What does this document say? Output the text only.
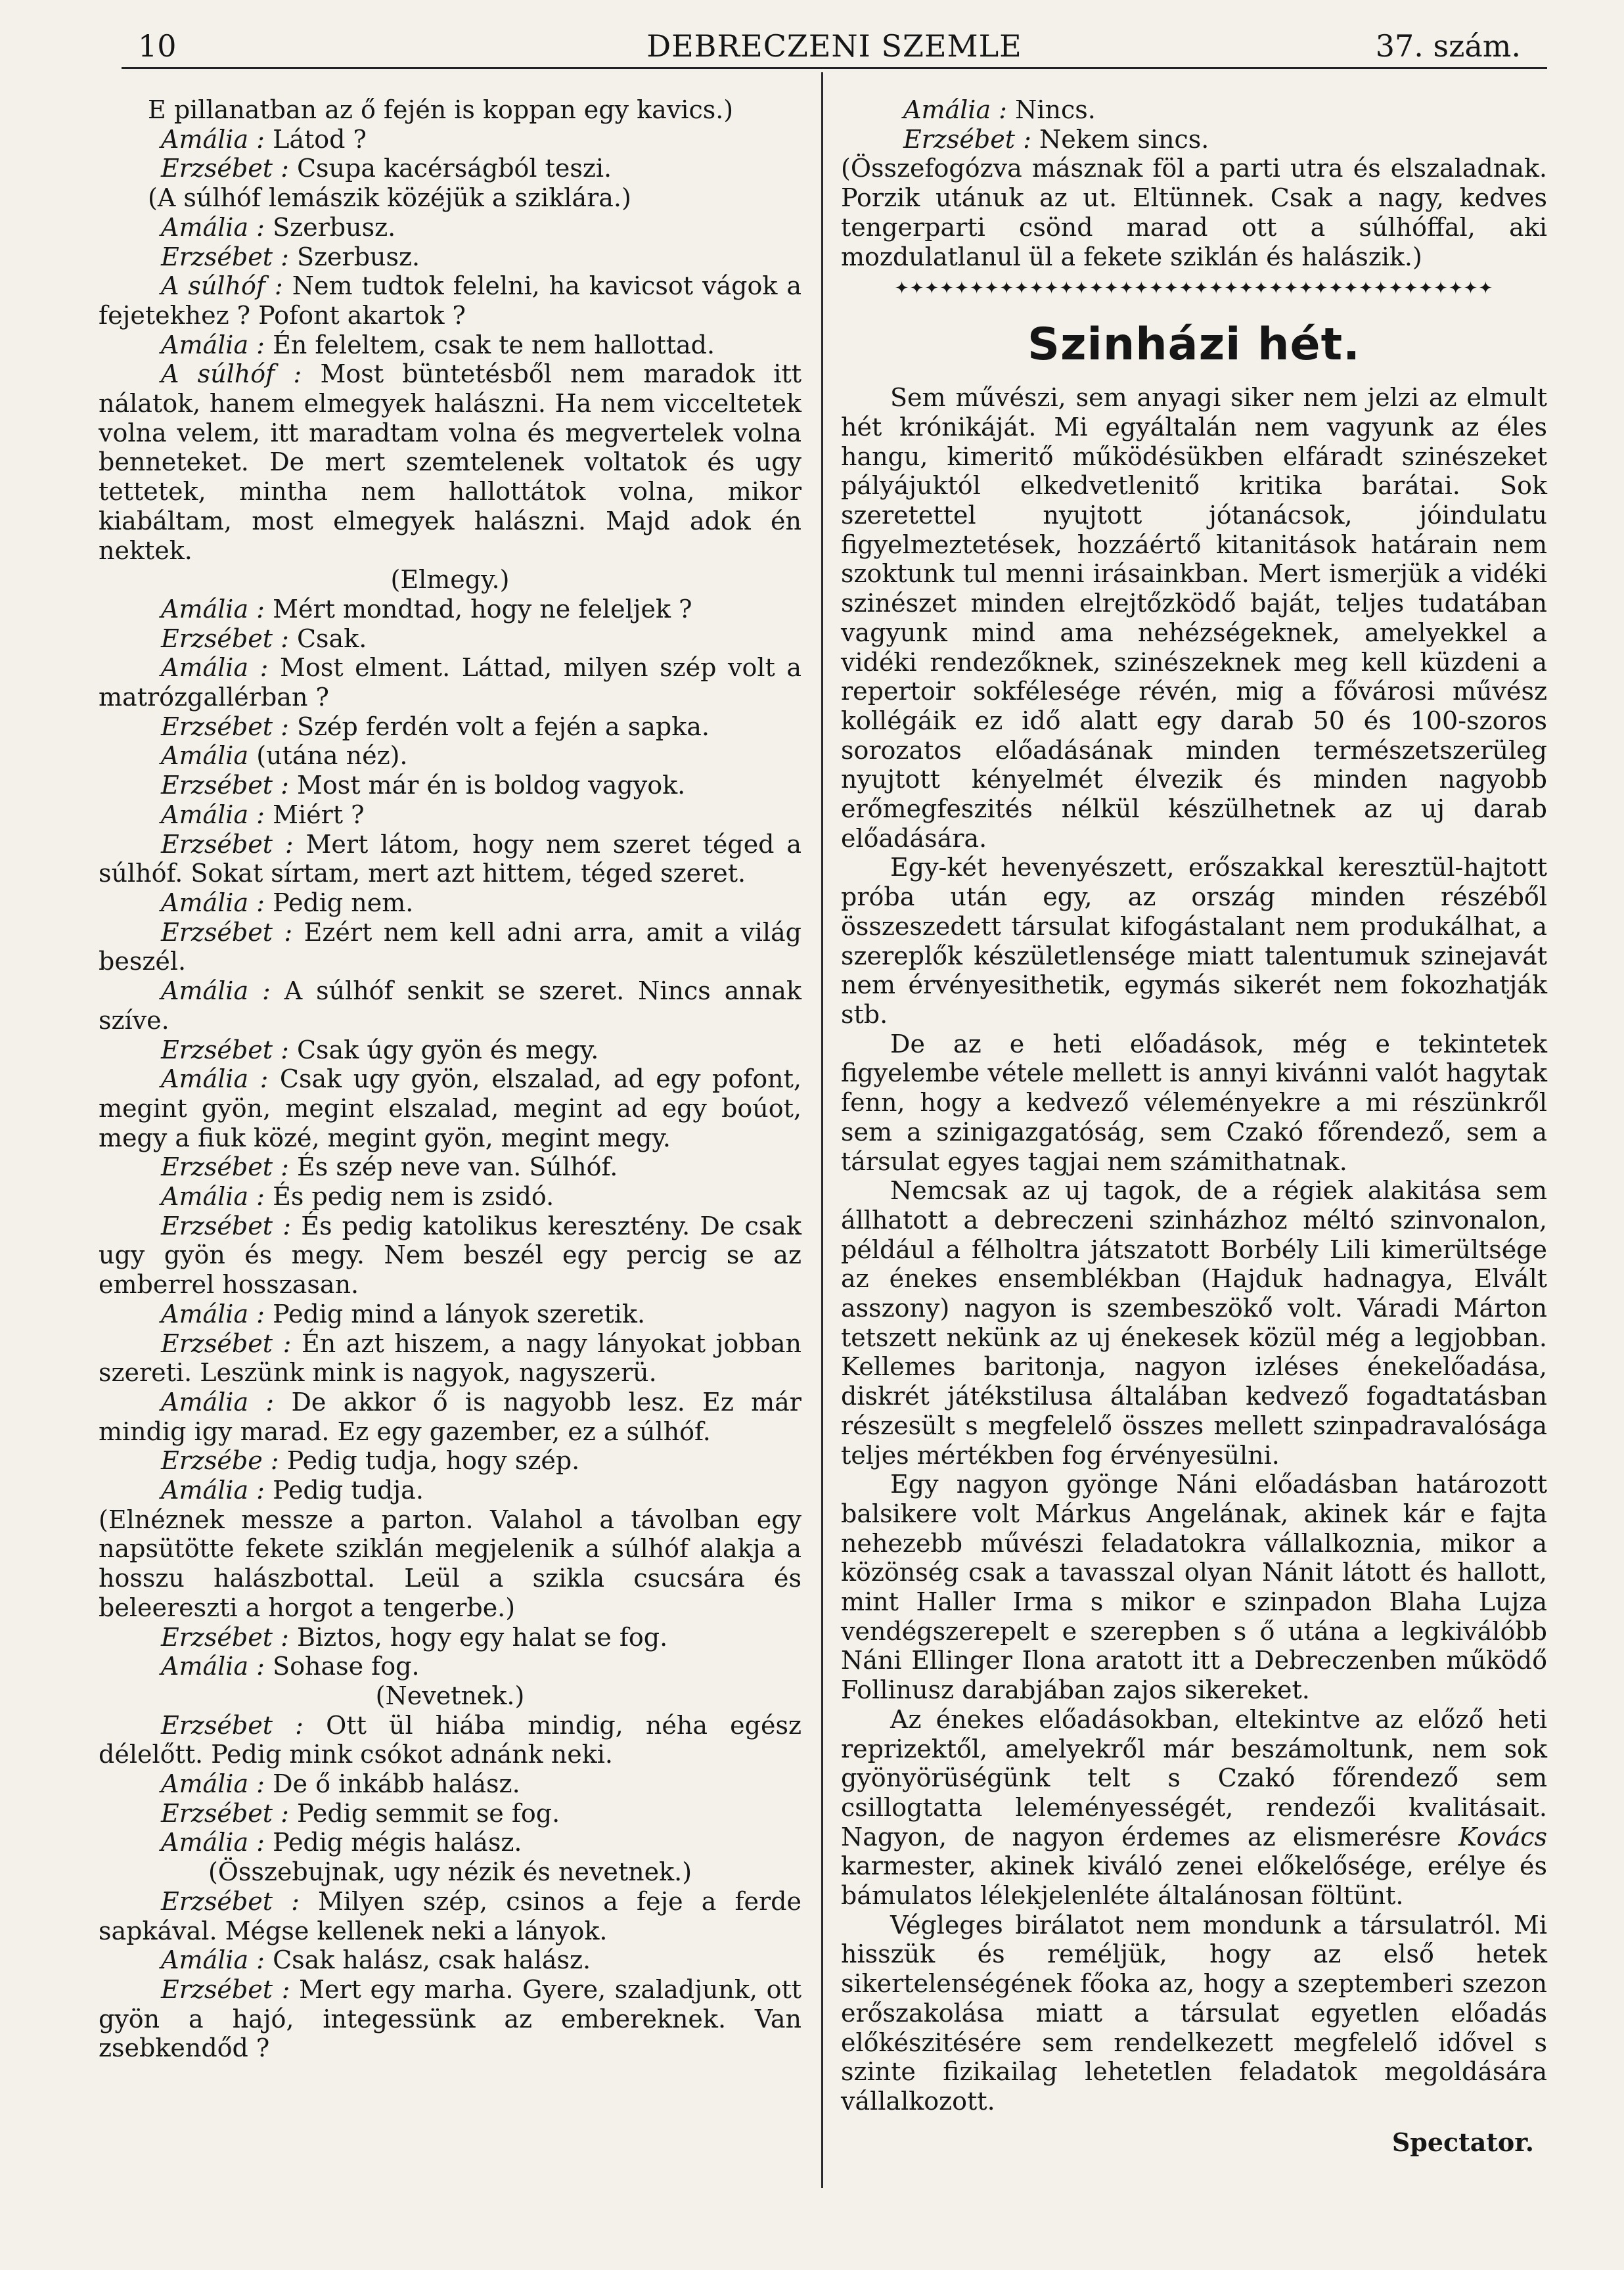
10	DEBRECZENI SZEMLE	37. szám.

E pillanatban az ő fején is koppan egy kavics.)

Amália : Látod ?

Erzsébet : Csupa kacérságból teszi.

(A súlhóf lemászik közéjük a sziklára.)

Amália : Szerbusz.

Erzsébet : Szerbusz.

A súlhóf : Nem tudtok felelni, ha kavicsot vágok a fejetekhez ? Pofont akartok ?

Amália : Én feleltem, csak te nem hallottad.

A súlhóf : Most büntetésből nem maradok itt nálatok, hanem elmegyek halászni. Ha nem vicceltetek volna velem, itt maradtam volna és megvertelek volna benneteket. De mert szemtelenek voltatok és ugy tettetek, mintha nem hallottátok volna, mikor kiabáltam, most elmegyek halászni. Majd adok én nektek.

(Elmegy.)

Amália : Mért mondtad, hogy ne feleljek ?

Erzsébet : Csak.

Amália : Most elment. Láttad, milyen szép volt a matrózgallérban ?

Erzsébet : Szép ferdén volt a fején a sapka.

Amália (utána néz).

Erzsébet : Most már én is boldog vagyok.

Amália : Miért ?

Erzsébet : Mert látom, hogy nem szeret téged a súlhóf. Sokat sírtam, mert azt hittem, téged szeret.

Amália : Pedig nem.

Erzsébet : Ezért nem kell adni arra, amit a világ beszél.

Amália : A súlhóf senkit se szeret. Nincs annak szíve.

Erzsébet : Csak úgy gyön és megy.

Amália : Csak ugy gyön, elszalad, ad egy pofont, megint gyön, megint elszalad, megint ad egy boúot, megy a fiuk közé, megint gyön, megint megy.

Erzsébet : És szép neve van. Súlhóf.

Amália : És pedig nem is zsidó.

Erzsébet : És pedig katolikus keresztény. De csak ugy gyön és megy. Nem beszél egy percig se az emberrel hosszasan.

Amália : Pedig mind a lányok szeretik.

Erzsébet : Én azt hiszem, a nagy lányokat jobban szereti. Leszünk mink is nagyok, nagyszerü.

Amália : De akkor ő is nagyobb lesz. Ez már mindig igy marad. Ez egy gazember, ez a súlhóf.

Erzsébe : Pedig tudja, hogy szép.

Amália : Pedig tudja.

(Elnéznek messze a parton. Valahol a távolban egy napsütötte fekete sziklán megjelenik a súlhóf alakja a hosszu halászbottal. Leül a szikla csucsára és beleereszti a horgot a tengerbe.)

Erzsébet : Biztos, hogy egy halat se fog.

Amália : Sohase fog.

(Nevetnek.)

Erzsébet : Ott ül hiába mindig, néha egész délelőtt. Pedig mink csókot adnánk neki.

Amália : De ő inkább halász.

Erzsébet : Pedig semmit se fog.

Amália : Pedig mégis halász.

(Összebujnak, ugy nézik és nevetnek.)

Erzsébet : Milyen szép, csinos a feje a ferde sapkával. Mégse kellenek neki a lányok.

Amália : Csak halász, csak halász.

Erzsébet : Mert egy marha. Gyere, szaladjunk, ott gyön a hajó, integessünk az embereknek. Van zsebkendőd ?

Amália : Nincs.

Erzsébet : Nekem sincs.

(Összefogózva másznak föl a parti utra és elszaladnak. Porzik utánuk az ut. Eltünnek. Csak a nagy, kedves tengerparti csönd marad ott a súlhóffal, aki mozdulatlanul ül a fekete sziklán és halászik.)

✦✦✦✦✦✦✦✦✦✦✦✦✦✦✦✦✦✦✦✦✦✦✦✦✦✦✦✦✦✦✦✦✦✦✦✦✦✦✦✦
Szinházi hét.

Sem művészi, sem anyagi siker nem jelzi az elmult hét krónikáját. Mi egyáltalán nem vagyunk az éles hangu, kimeritő működésükben elfáradt szinészeket pályájuktól elkedvetlenitő kritika barátai. Sok szeretettel nyujtott jótanácsok, jóindulatu figyelmeztetések, hozzáértő kitanitások határain nem szoktunk tul menni irásainkban. Mert ismerjük a vidéki szinészet minden elrejtőzködő baját, teljes tudatában vagyunk mind ama nehézségeknek, amelyekkel a vidéki rendezőknek, szinészeknek meg kell küzdeni a repertoir sokfélesége révén, mig a fővárosi művész kollégáik ez idő alatt egy darab 50 és 100-szoros sorozatos előadásának minden természetszerüleg nyujtott kényelmét élvezik és minden nagyobb erőmegfeszités nélkül készülhetnek az uj darab előadására.

Egy-két hevenyészett, erőszakkal keresztül-hajtott próba után egy, az ország minden részéből összeszedett társulat kifogástalant nem produkálhat, a szereplők készületlensége miatt talentumuk szinejavát nem érvényesithetik, egymás sikerét nem fokozhatják stb.

De az e heti előadások, még e tekintetek figyelembe vétele mellett is annyi kivánni valót hagytak fenn, hogy a kedvező véleményekre a mi részünkről sem a szinigazgatóság, sem Czakó főrendező, sem a társulat egyes tagjai nem számithatnak.

Nemcsak az uj tagok, de a régiek alakitása sem állhatott a debreczeni szinházhoz méltó szinvonalon, például a félholtra játszatott Borbély Lili kimerültsége az énekes ensemblékban (Hajduk hadnagya, Elvált asszony) nagyon is szembeszökő volt. Váradi Márton tetszett nekünk az uj énekesek közül még a legjobban. Kellemes baritonja, nagyon izléses énekelőadása, diskrét játékstilusa általában kedvező fogadtatásban részesült s megfelelő összes mellett szinpadravalósága teljes mértékben fog érvényesülni.

Egy nagyon gyönge Náni előadásban határozott balsikere volt Márkus Angelának, akinek kár e fajta nehezebb művészi feladatokra vállalkoznia, mikor a közönség csak a tavasszal olyan Nánit látott és hallott, mint Haller Irma s mikor e szinpadon Blaha Lujza vendégszerepelt e szerepben s ő utána a legkiválóbb Náni Ellinger Ilona aratott itt a Debreczenben működő Follinusz darabjában zajos sikereket.

Az énekes előadásokban, eltekintve az előző heti reprizektől, amelyekről már beszámoltunk, nem sok gyönyörüségünk telt s Czakó főrendező sem csillogtatta leleményességét, rendezői kvalitásait. Nagyon, de nagyon érdemes az elismerésre Kovács karmester, akinek kiváló zenei előkelősége, erélye és bámulatos lélekjelenléte általánosan föltünt.

Végleges birálatot nem mondunk a társulatról. Mi hisszük és reméljük, hogy az első hetek sikertelenségének főoka az, hogy a szeptemberi szezon erőszakolása miatt a társulat egyetlen előadás előkészitésére sem rendelkezett megfelelő idővel s szinte fizikailag lehetetlen feladatok megoldására vállalkozott.

Spectator.
